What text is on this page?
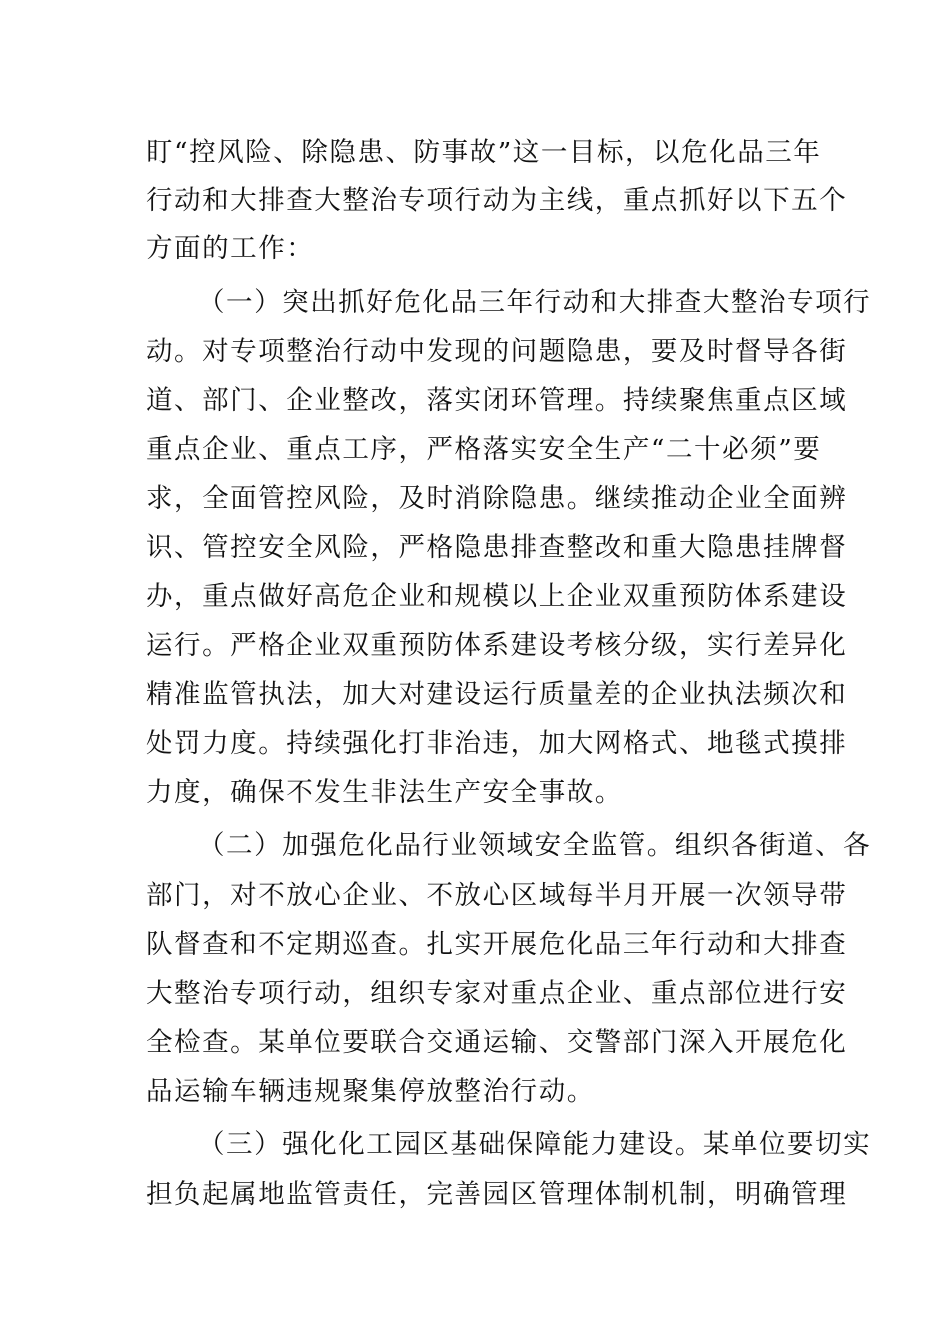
盯“控风险、除隐患、防事故”这一目标，以危化品三年
行动和大排查大整治专项行动为主线，重点抓好以下五个
方面的工作：
（一）突出抓好危化品三年行动和大排查大整治专项行
动。对专项整治行动中发现的问题隐患，要及时督导各街
道、部门、企业整改，落实闭环管理。持续聚焦重点区域
重点企业、重点工序，严格落实安全生产“二十必须”要
求，全面管控风险，及时消除隐患。继续推动企业全面辨
识、管控安全风险，严格隐患排查整改和重大隐患挂牌督
办，重点做好高危企业和规模以上企业双重预防体系建设
运行。严格企业双重预防体系建设考核分级，实行差异化
精准监管执法，加大对建设运行质量差的企业执法频次和
处罚力度。持续强化打非治违，加大网格式、地毯式摸排
力度，确保不发生非法生产安全事故。
（二）加强危化品行业领域安全监管。组织各街道、各
部门，对不放心企业、不放心区域每半月开展一次领导带
队督查和不定期巡查。扎实开展危化品三年行动和大排查
大整治专项行动，组织专家对重点企业、重点部位进行安
全检查。某单位要联合交通运输、交警部门深入开展危化
品运输车辆违规聚集停放整治行动。
（三）强化化工园区基础保障能力建设。某单位要切实
担负起属地监管责任，完善园区管理体制机制，明确管理
